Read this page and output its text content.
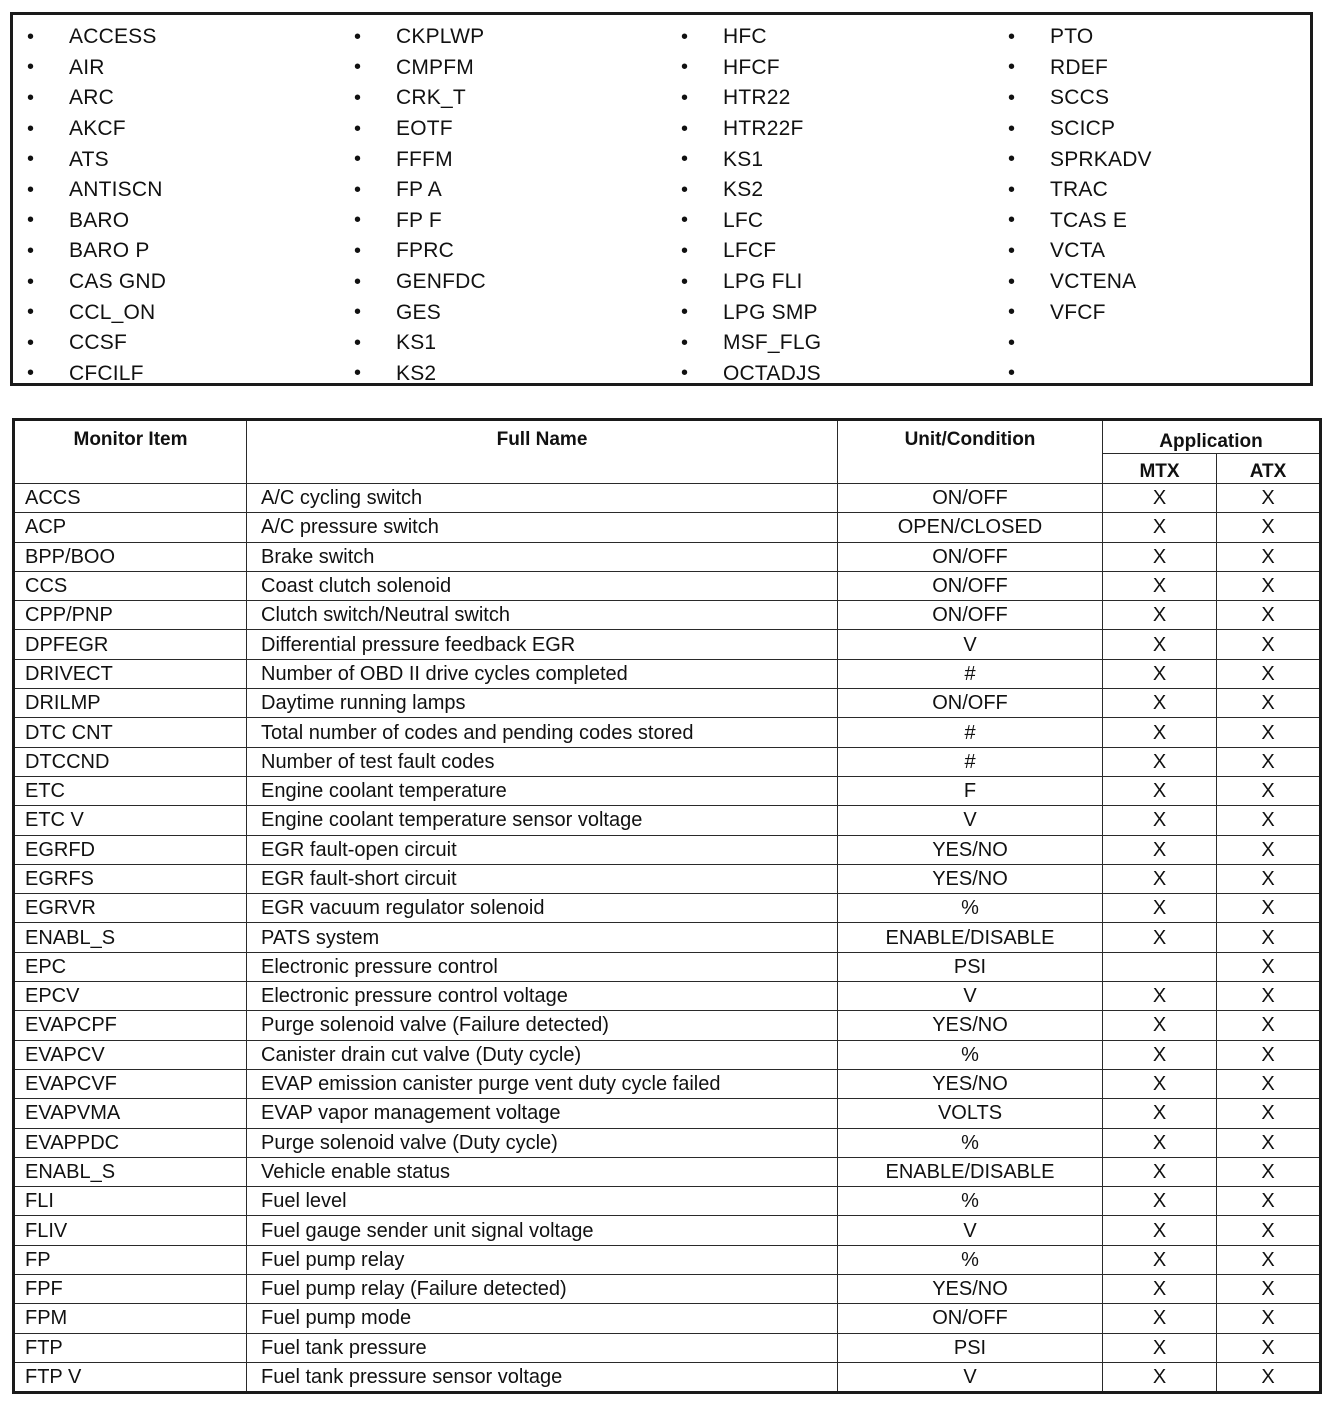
•	ACCESS
•	AIR
•	ARC
•	AKCF
•	ATS
•	ANTISCN
•	BARO
•	BARO P
•	CAS GND
•	CCL_ON
•	CCSF
•	CFCILF
•	CKPLWP
•	CMPFM
•	CRK_T
•	EOTF
•	FFFM
•	FP A
•	FP F
•	FPRC
•	GENFDC
•	GES
•	KS1
•	KS2
•	HFC
•	HFCF
•	HTR22
•	HTR22F
•	KS1
•	KS2
•	LFC
•	LFCF
•	LPG FLI
•	LPG SMP
•	MSF_FLG
•	OCTADJS
•	PTO
•	RDEF
•	SCCS
•	SCICP
•	SPRKADV
•	TRAC
•	TCAS E
•	VCTA
•	VCTENA
•	VFCF
•
•
Monitor Item	Full Name	Unit/Condition	Application	
			MTX	ATX
ACCS	A/C cycling switch	ON/OFF	X	X
ACP	A/C pressure switch	OPEN/CLOSED	X	X
BPP/BOO	Brake switch	ON/OFF	X	X
CCS	Coast clutch solenoid	ON/OFF	X	X
CPP/PNP	Clutch switch/Neutral switch	ON/OFF	X	X
DPFEGR	Differential pressure feedback EGR	V	X	X
DRIVECT	Number of OBD II drive cycles completed	#	X	X
DRILMP	Daytime running lamps	ON/OFF	X	X
DTC CNT	Total number of codes and pending codes stored	#	X	X
DTCCND	Number of test fault codes	#	X	X
ETC	Engine coolant temperature	F	X	X
ETC V	Engine coolant temperature sensor voltage	V	X	X
EGRFD	EGR fault-open circuit	YES/NO	X	X
EGRFS	EGR fault-short circuit	YES/NO	X	X
EGRVR	EGR vacuum regulator solenoid	%	X	X
ENABL_S	PATS system	ENABLE/DISABLE	X	X
EPC	Electronic pressure control	PSI		X
EPCV	Electronic pressure control voltage	V	X	X
EVAPCPF	Purge solenoid valve (Failure detected)	YES/NO	X	X
EVAPCV	Canister drain cut valve (Duty cycle)	%	X	X
EVAPCVF	EVAP emission canister purge vent duty cycle failed	YES/NO	X	X
EVAPVMA	EVAP vapor management voltage	VOLTS	X	X
EVAPPDC	Purge solenoid valve (Duty cycle)	%	X	X
ENABL_S	Vehicle enable status	ENABLE/DISABLE	X	X
FLI	Fuel level	%	X	X
FLIV	Fuel gauge sender unit signal voltage	V	X	X
FP	Fuel pump relay	%	X	X
FPF	Fuel pump relay (Failure detected)	YES/NO	X	X
FPM	Fuel pump mode	ON/OFF	X	X
FTP	Fuel tank pressure	PSI	X	X
FTP V	Fuel tank pressure sensor voltage	V	X	X
